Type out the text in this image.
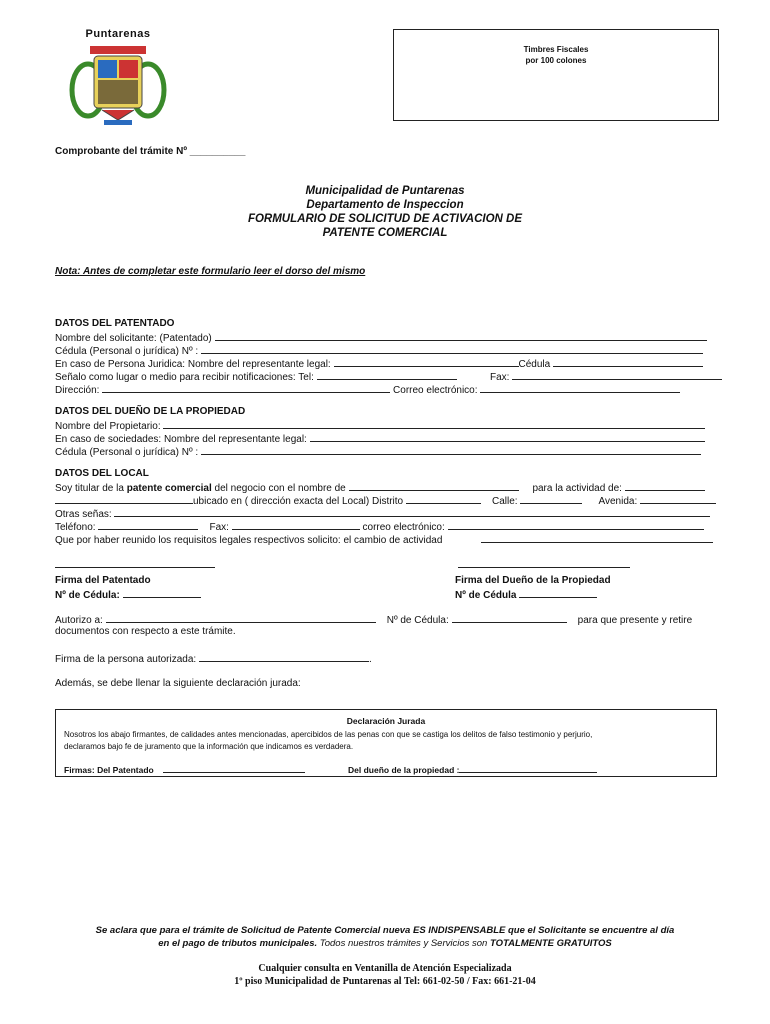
Puntarenas
Timbres Fiscales
por 100 colones
Comprobante del trámite Nº __________
Municipalidad de Puntarenas
Departamento de Inspeccion
FORMULARIO DE SOLICITUD DE ACTIVACION DE
PATENTE COMERCIAL
Nota: Antes de completar este formulario leer el dorso del mismo
DATOS DEL PATENTADO
Nombre del solicitante: (Patentado)
Cédula (Personal o jurídica) Nº :
En caso de Persona Juridica: Nombre del representante legal:	Cédula
Señalo como lugar o medio para recibir notificaciones: Tel:	Fax:
Dirección:	Correo electrónico:
DATOS DEL DUEÑO DE LA PROPIEDAD
Nombre del Propietario:
En caso de sociedades: Nombre del representante legal:
Cédula (Personal o jurídica) Nº :
DATOS DEL LOCAL
Soy titular de la patente comercial del negocio con el nombre de	para la actividad de:
ubicado en ( dirección exacta del Local) Distrito	Calle:	Avenida:
Otras señas:
Teléfono:	Fax:	correo electrónico:
Que por haber reunido los requisitos legales respectivos solicito: el cambio de actividad
Firma del Patentado
Nº de Cédula:
Firma del Dueño de la Propiedad
Nº de Cédula
Autorizo a:	Nº de Cédula:	para que presente y retire
documentos con respecto a este trámite.
Firma de la persona autorizada:	.
Además, se debe llenar la siguiente declaración jurada:
Declaración Jurada
Nosotros los abajo firmantes, de calidades antes mencionadas, apercibidos de las penas con que se castiga los delitos de falso testimonio y perjurio,
declaramos bajo fe de juramento que la información que indicamos es verdadera.
Firmas: Del Patentado	Del dueño de la propiedad :
Se aclara que para el trámite de Solicitud de Patente Comercial nueva ES INDISPENSABLE que el Solicitante se encuentre al día
en el pago de tributos municipales. Todos nuestros trámites y Servicios son TOTALMENTE GRATUITOS
Cualquier consulta en Ventanilla de Atención Especializada
1º piso Municipalidad de Puntarenas al Tel: 661-02-50 / Fax: 661-21-04
